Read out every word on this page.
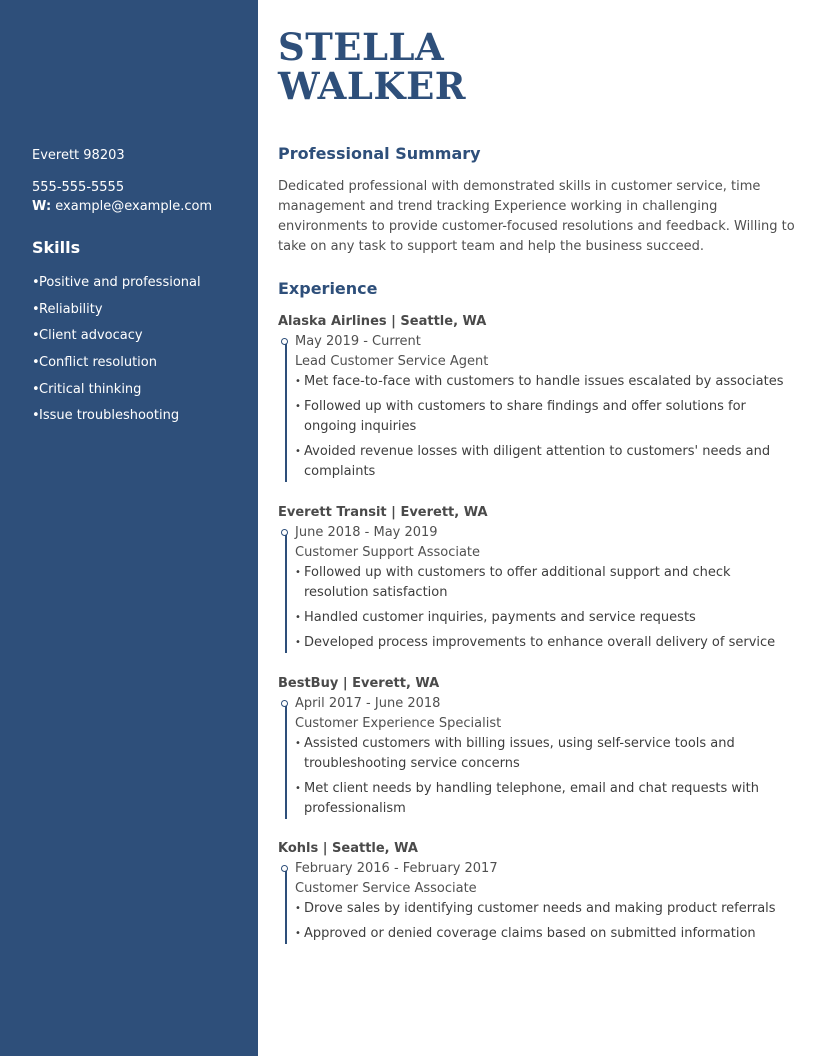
Everett 98203
555-555-5555
W: example@example.com
Skills
•Positive and professional
•Reliability
•Client advocacy
•Conflict resolution
•Critical thinking
•Issue troubleshooting
STELLA
WALKER
Professional Summary
Dedicated professional with demonstrated skills in customer service, time management and trend tracking Experience working in challenging environments to provide customer-focused resolutions and feedback. Willing to take on any task to support team and help the business succeed.
Experience
Alaska Airlines | Seattle, WA
May 2019 - Current
Lead Customer Service Agent
• Met face-to-face with customers to handle issues escalated by associates
• Followed up with customers to share findings and offer solutions for ongoing inquiries
• Avoided revenue losses with diligent attention to customers' needs and complaints
Everett Transit | Everett, WA
June 2018 - May 2019
Customer Support Associate
• Followed up with customers to offer additional support and check resolution satisfaction
• Handled customer inquiries, payments and service requests
• Developed process improvements to enhance overall delivery of service
BestBuy | Everett, WA
April 2017 - June 2018
Customer Experience Specialist
• Assisted customers with billing issues, using self-service tools and troubleshooting service concerns
• Met client needs by handling telephone, email and chat requests with professionalism
Kohls | Seattle, WA
February 2016 - February 2017
Customer Service Associate
• Drove sales by identifying customer needs and making product referrals
• Approved or denied coverage claims based on submitted information
